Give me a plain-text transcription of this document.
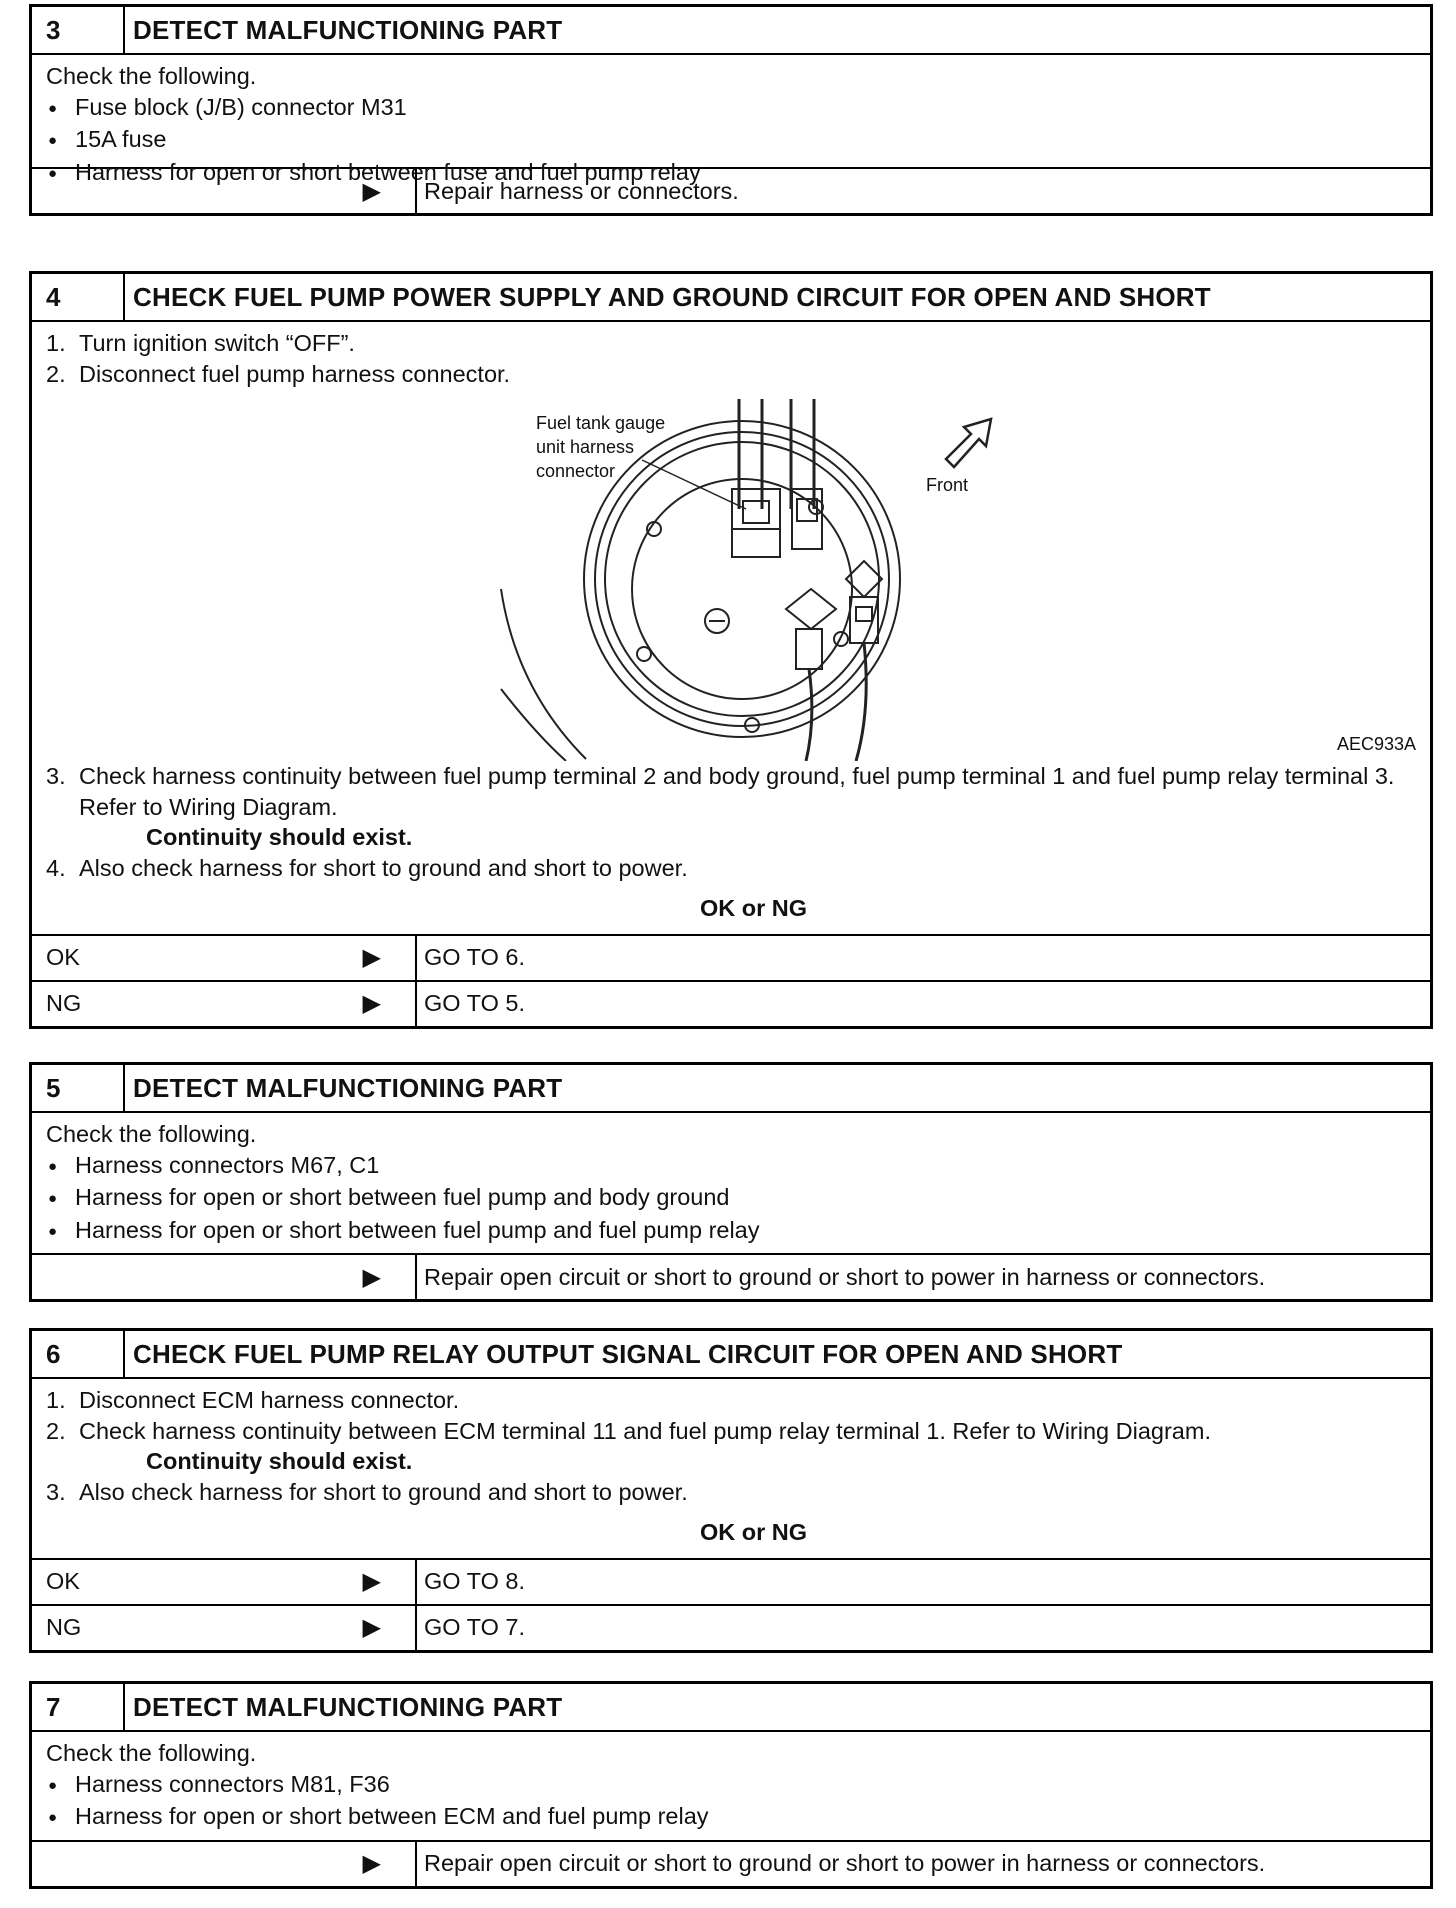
3	DETECT MALFUNCTIONING PART
Check the following.
● Fuse block (J/B) connector M31
● 15A fuse
● Harness for open or short between fuse and fuel pump relay
▶ Repair harness or connectors.
4	CHECK FUEL PUMP POWER SUPPLY AND GROUND CIRCUIT FOR OPEN AND SHORT
1. Turn ignition switch “OFF”.
2. Disconnect fuel pump harness connector.
Fuel tank gauge
unit harness
connector
Front
AEC933A
3. Check harness continuity between fuel pump terminal 2 and body ground, fuel pump terminal 1 and fuel pump relay terminal 3. Refer to Wiring Diagram.
Continuity should exist.
4. Also check harness for short to ground and short to power.
OK or NG
OK	▶ GO TO 6.
NG	▶ GO TO 5.
5	DETECT MALFUNCTIONING PART
Check the following.
● Harness connectors M67, C1
● Harness for open or short between fuel pump and body ground
● Harness for open or short between fuel pump and fuel pump relay
▶ Repair open circuit or short to ground or short to power in harness or connectors.
6	CHECK FUEL PUMP RELAY OUTPUT SIGNAL CIRCUIT FOR OPEN AND SHORT
1. Disconnect ECM harness connector.
2. Check harness continuity between ECM terminal 11 and fuel pump relay terminal 1. Refer to Wiring Diagram.
Continuity should exist.
3. Also check harness for short to ground and short to power.
OK or NG
OK	▶ GO TO 8.
NG	▶ GO TO 7.
7	DETECT MALFUNCTIONING PART
Check the following.
● Harness connectors M81, F36
● Harness for open or short between ECM and fuel pump relay
▶ Repair open circuit or short to ground or short to power in harness or connectors.
